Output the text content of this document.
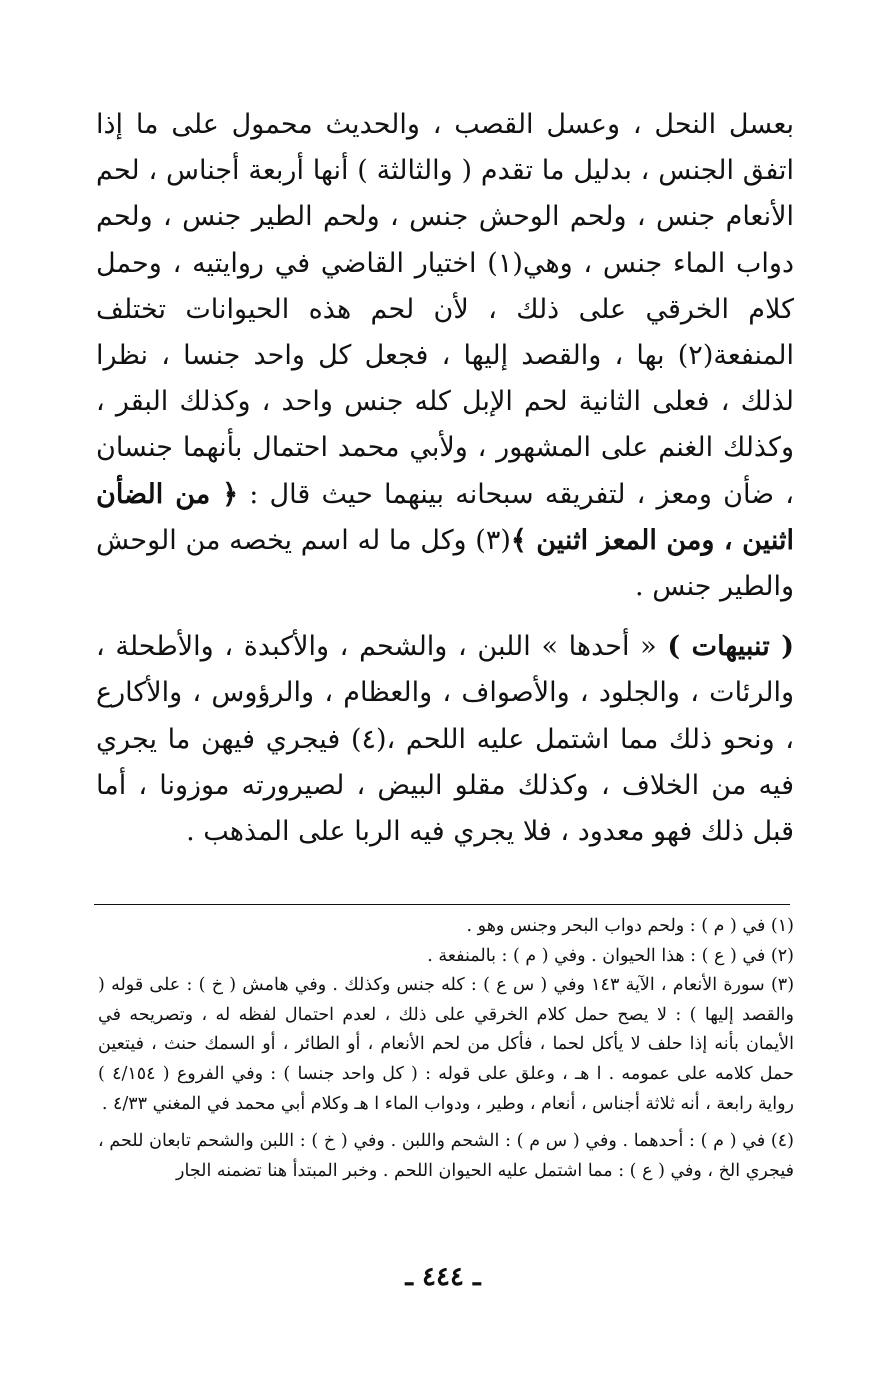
بعسل النحل ، وعسل القصب ، والحديث محمول على ما إذا اتفق الجنس ، بدليل ما تقدم ( والثالثة ) أنها أربعة أجناس ، لحم الأنعام جنس ، ولحم الوحش جنس ، ولحم الطير جنس ، ولحم دواب الماء جنس ، وهي(١) اختيار القاضي في روايتيه ، وحمل كلام الخرقي على ذلك ، لأن لحم هذه الحيوانات تختلف المنفعة(٢) بها ، والقصد إليها ، فجعل كل واحد جنسا ، نظرا لذلك ، فعلى الثانية لحم الإبل كله جنس واحد ، وكذلك البقر ، وكذلك الغنم على المشهور ، ولأبي محمد احتمال بأنهما جنسان ، ضأن ومعز ، لتفريقه سبحانه بينهما حيث قال : ﴿ من الضأن اثنين ، ومن المعز اثنين ﴾(٣) وكل ما له اسم يخصه من الوحش والطير جنس .

( تنبيهات ) « أحدها » اللبن ، والشحم ، والأكبدة ، والأطحلة ، والرئات ، والجلود ، والأصواف ، والعظام ، والرؤوس ، والأكارع ، ونحو ذلك مما اشتمل عليه اللحم ،(٤) فيجري فيهن ما يجري فيه من الخلاف ، وكذلك مقلو البيض ، لصيرورته موزونا ، أما قبل ذلك فهو معدود ، فلا يجري فيه الربا على المذهب .

(١) في ( م ) : ولحم دواب البحر وجنس وهو .

(٢) في ( ع ) : هذا الحيوان . وفي ( م ) : بالمنفعة .

(٣) سورة الأنعام ، الآية ١٤٣ وفي ( س ع ) : كله جنس وكذلك . وفي هامش ( خ ) : على قوله ( والقصد إليها ) : لا يصح حمل كلام الخرقي على ذلك ، لعدم احتمال لفظه له ، وتصريحه في الأيمان بأنه إذا حلف لا يأكل لحما ، فأكل من لحم الأنعام ، أو الطائر ، أو السمك حنث ، فيتعين حمل كلامه على عمومه . ا هـ ، وعلق على قوله : ( كل واحد جنسا ) : وفي الفروع ( ٤/١٥٤ ) رواية رابعة ، أنه ثلاثة أجناس ، أنعام ، وطير ، ودواب الماء ا هـ وكلام أبي محمد في المغني ٤/٣٣ .

(٤) في ( م ) : أحدهما . وفي ( س م ) : الشحم واللبن . وفي ( خ ) : اللبن والشحم تابعان للحم ، فيجري الخ ، وفي ( ع ) : مما اشتمل عليه الحيوان اللحم . وخبر المبتدأ هنا تضمنه الجار

ـ ٤٤٤ ـ
